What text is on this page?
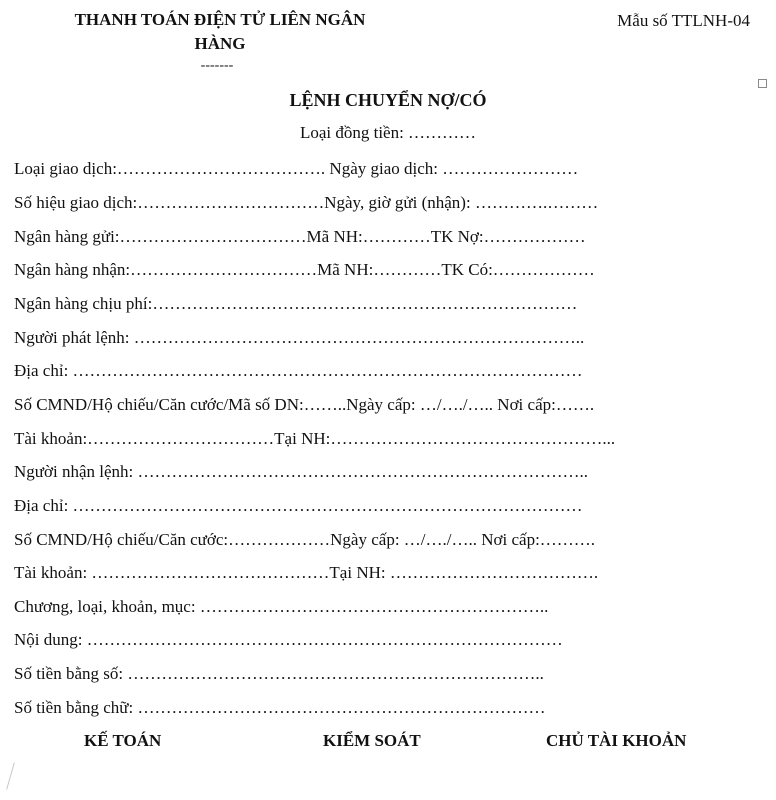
THANH TOÁN ĐIỆN TỬ LIÊN NGÂN
HÀNG
-------
Mẫu số TTLNH-04
LỆNH CHUYỂN NỢ/CÓ
Loại đồng tiền: …………
Loại giao dịch:………………………………. Ngày giao dịch: ……………………
Số hiệu giao dịch:……………………………Ngày, giờ gửi (nhận): ………….………
Ngân hàng gửi:……………………………Mã NH:…………TK Nợ:………………
Ngân hàng nhận:……………………………Mã NH:…………TK Có:………………
Ngân hàng chịu phí:…………………………………………………………………
Người phát lệnh: ……………………………………………………………………..
Địa chỉ: ………………………………………………………………………………
Số CMND/Hộ chiếu/Căn cước/Mã số DN:……..Ngày cấp: …/…./….. Nơi cấp:…….
Tài khoản:……………………………Tại NH:…………………………………………...
Người nhận lệnh: ……………………………………………………………………..
Địa chỉ: ………………………………………………………………………………
Số CMND/Hộ chiếu/Căn cước:………………Ngày cấp: …/…./….. Nơi cấp:……….
Tài khoản: ……………………………………Tại NH: ……………………………….
Chương, loại, khoản, mục: ……………………………………………………..
Nội dung: …………………………………………………………………………
Số tiền bằng số: ………………………………………………………………..
Số tiền bằng chữ: ………………………………………………………………
KẾ TOÁN	KIỂM SOÁT	CHỦ TÀI KHOẢN
